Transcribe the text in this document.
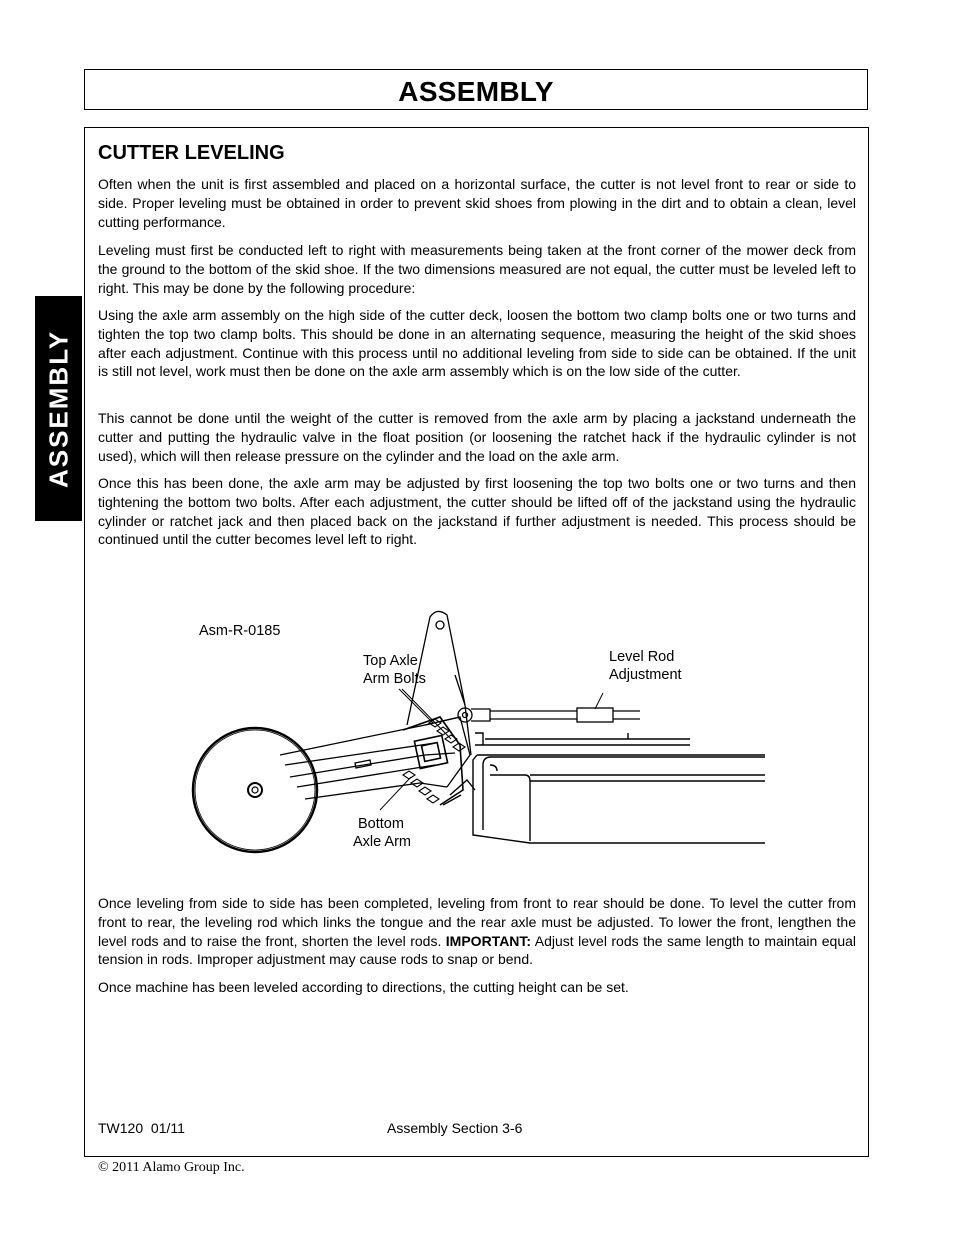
ASSEMBLY
ASSEMBLY
CUTTER LEVELING

Often when the unit is first assembled and placed on a horizontal surface, the cutter is not level front to rear or side to side. Proper leveling must be obtained in order to prevent skid shoes from plowing in the dirt and to obtain a clean, level cutting performance.

Leveling must first be conducted left to right with measurements being taken at the front corner of the mower deck from the ground to the bottom of the skid shoe. If the two dimensions measured are not equal, the cutter must be leveled left to right. This may be done by the following procedure:

Using the axle arm assembly on the high side of the cutter deck, loosen the bottom two clamp bolts one or two turns and tighten the top two clamp bolts. This should be done in an alternating sequence, measuring the height of the skid shoes after each adjustment. Continue with this process until no additional leveling from side to side can be obtained. If the unit is still not level, work must then be done on the axle arm assembly which is on the low side of the cutter.

This cannot be done until the weight of the cutter is removed from the axle arm by placing a jackstand underneath the cutter and putting the hydraulic valve in the float position (or loosening the ratchet hack if the hydraulic cylinder is not used), which will then release pressure on the cylinder and the load on the axle arm.

Once this has been done, the axle arm may be adjusted by first loosening the top two bolts one or two turns and then tightening the bottom two bolts. After each adjustment, the cutter should be lifted off of the jackstand using the hydraulic cylinder or ratchet jack and then placed back on the jackstand if further adjustment is needed. This process should be continued until the cutter becomes level left to right.

Asm-R-0185
Top Axle
Arm Bolts
Level Rod
Adjustment
Bottom
Axle Arm

Once leveling from side to side has been completed, leveling from front to rear should be done. To level the cutter from front to rear, the leveling rod which links the tongue and the rear axle must be adjusted. To lower the front, lengthen the level rods and to raise the front, shorten the level rods. IMPORTANT: Adjust level rods the same length to maintain equal tension in rods. Improper adjustment may cause rods to snap or bend.

Once machine has been leveled according to directions, the cutting height can be set.

TW120  01/11	Assembly Section 3-6
© 2011 Alamo Group Inc.
